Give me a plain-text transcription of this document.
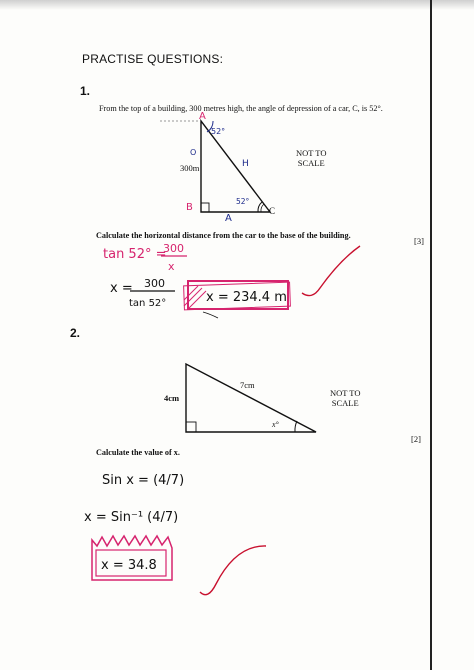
PRACTISE QUESTIONS:
1.
From the top of a building, 300 metres high, the angle of depression of a car, C, is 52°.
A
52°
O
300m	H
B
52°
C
A
NOT TO
SCALE
Calculate the horizontal distance from the car to the base of the building.
[3]
tan 52° =
300
x
x = 300
tan 52°	x = 234.4 m
2.
7cm
4cm
x°
NOT TO
SCALE
[2]
Calculate the value of x.
Sin x = (4/7)
x = Sin⁻¹ (4/7)
x = 34.8
